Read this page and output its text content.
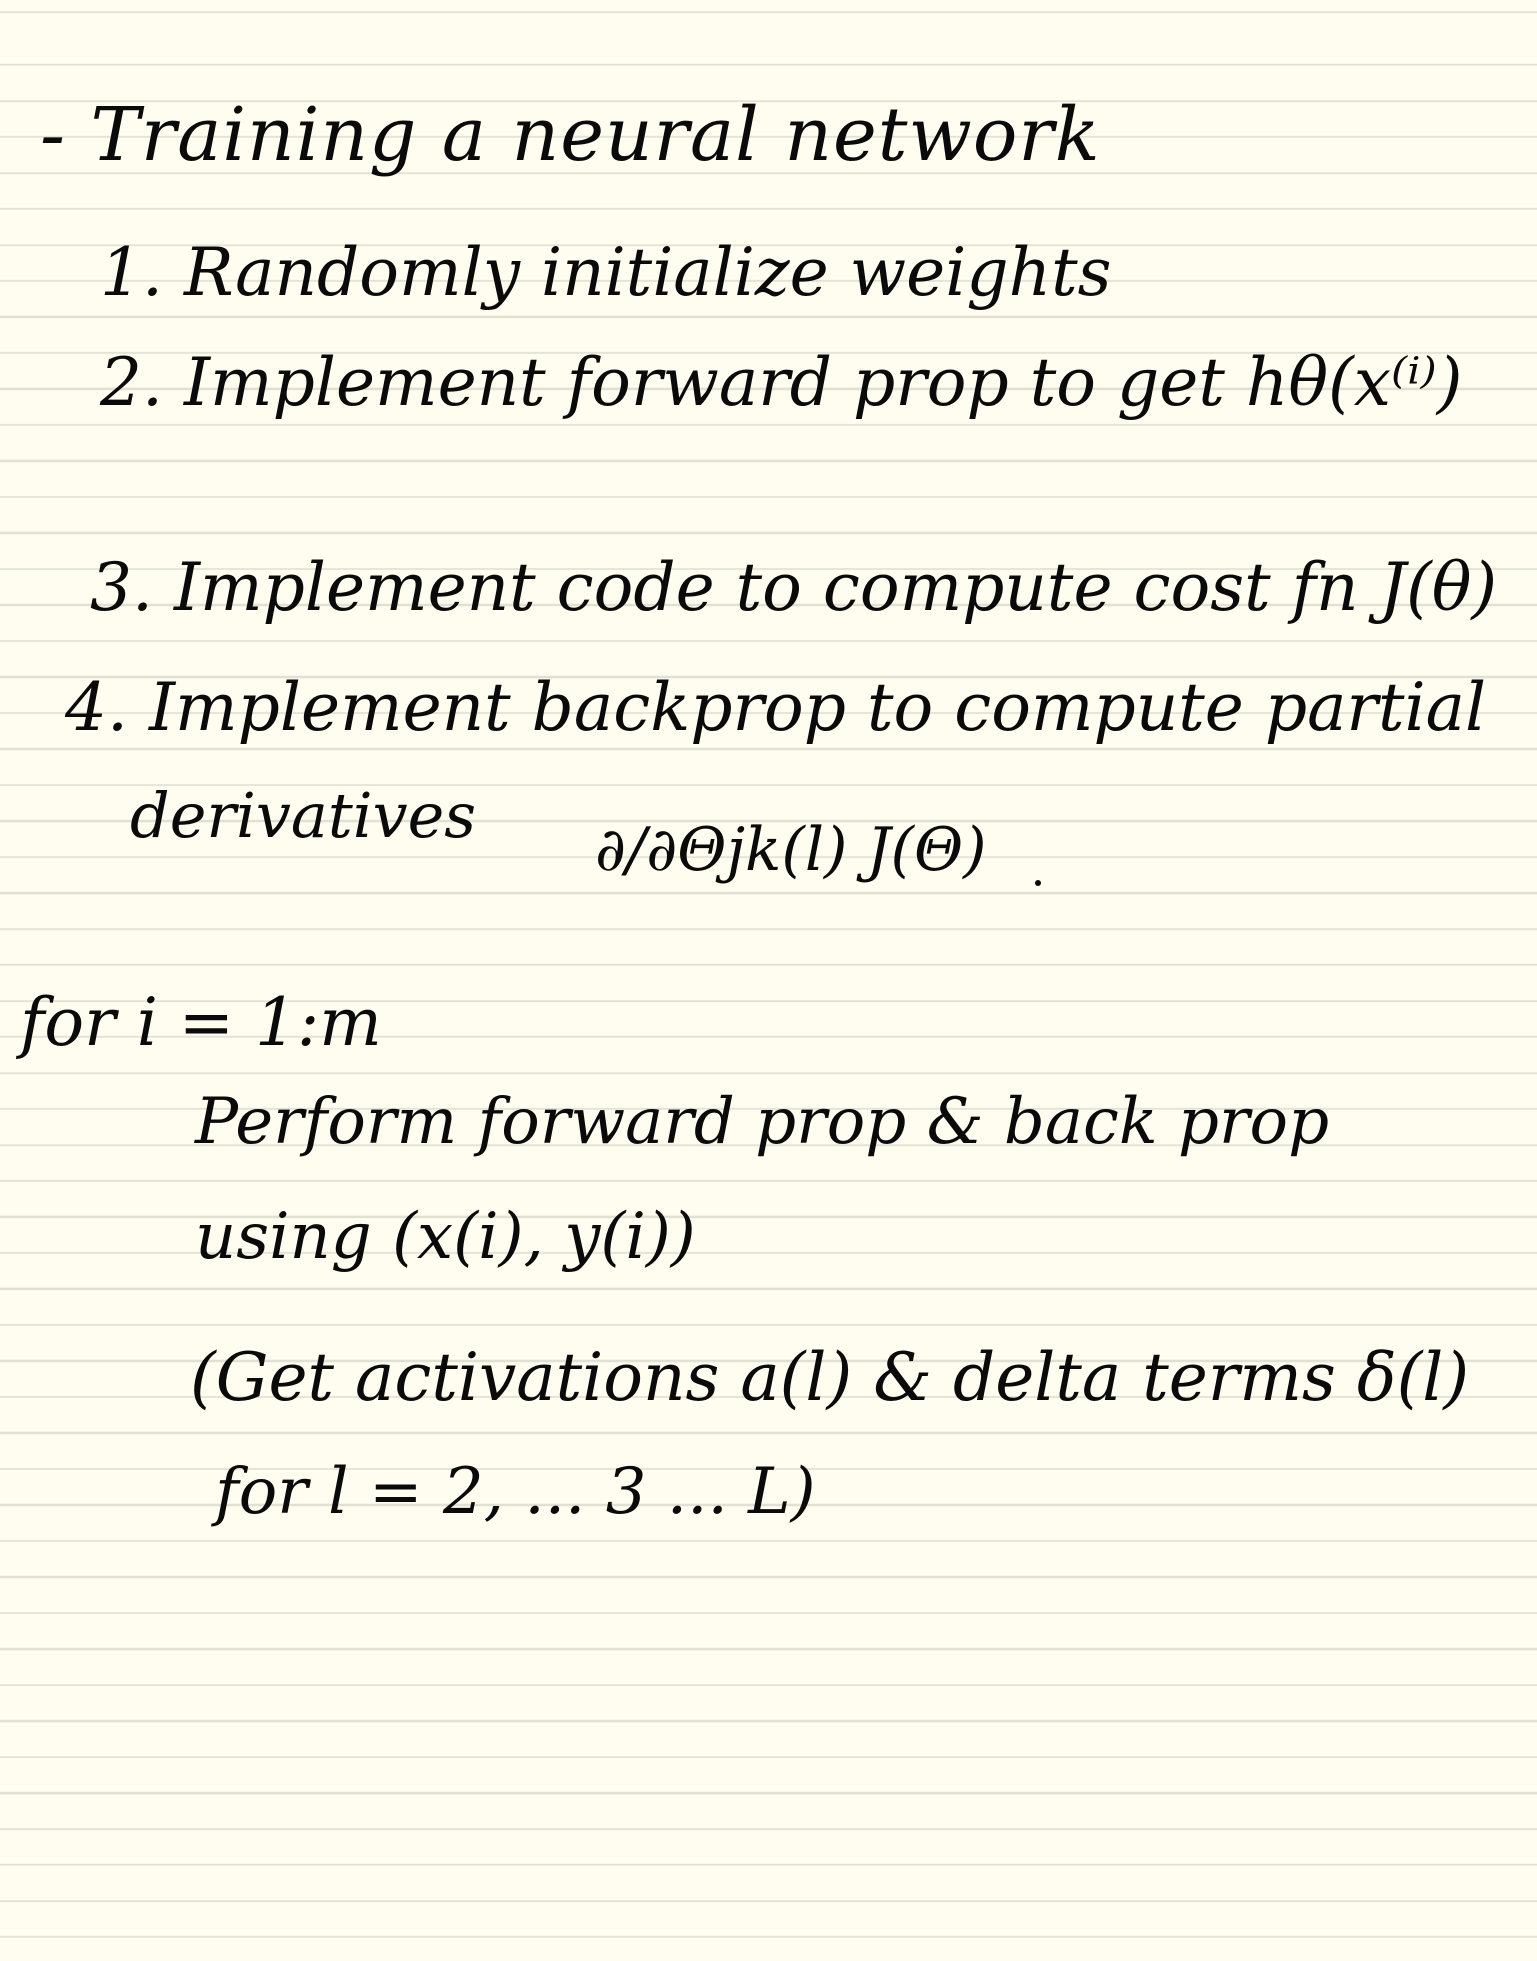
- Training a neural network
1. Randomly initialize weights
2. Implement forward prop to get hθ(x⁽ⁱ⁾)
3. Implement code to compute cost fn J(θ)
4. Implement backprop to compute partial
derivatives ∂/∂Θjk(l) J(Θ)
for i = 1:m
Perform forward prop & back prop
using (x(i), y(i))
(Get activations a(l) & delta terms δ(l)
for l = 2, ... 3 ... L)
